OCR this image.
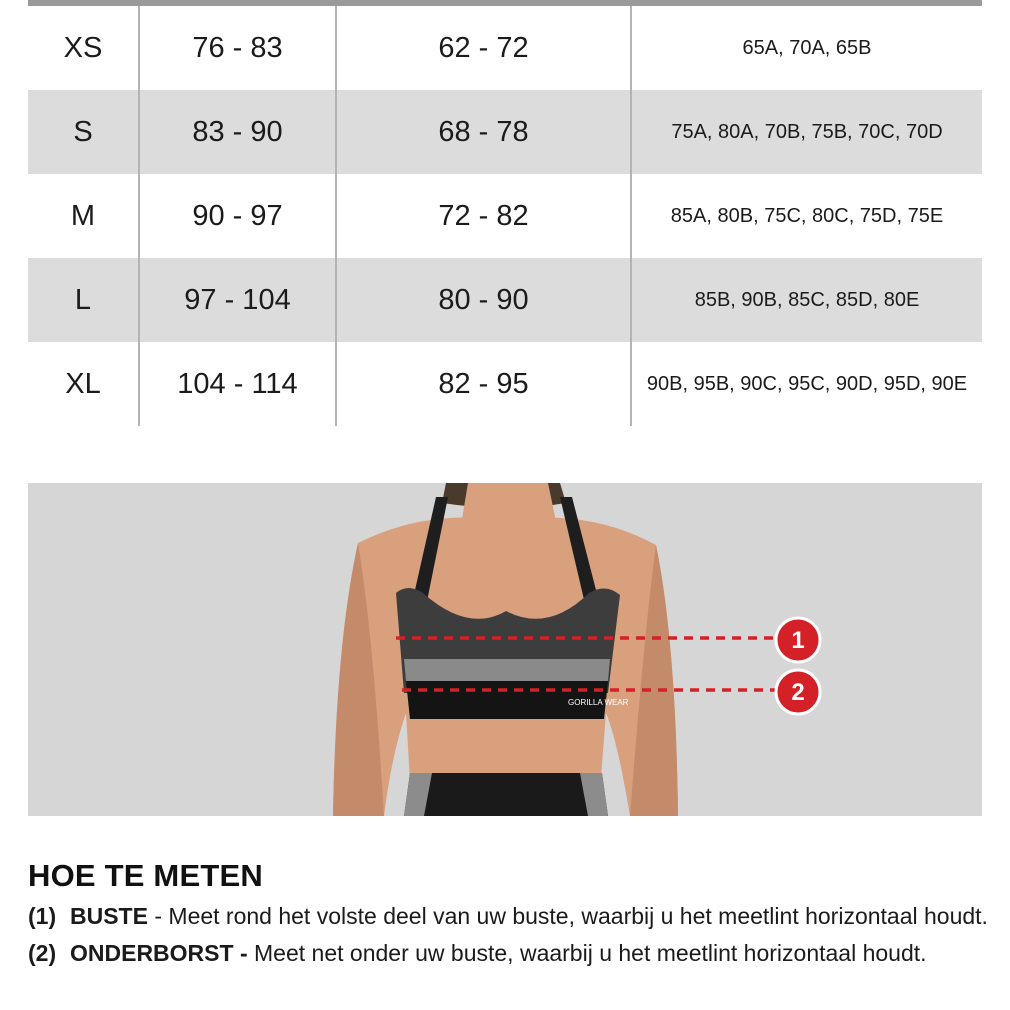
XS	76 - 83	62 - 72	65A, 70A, 65B
S	83 - 90	68 - 78	75A, 80A, 70B, 75B, 70C, 70D
M	90 - 97	72 - 82	85A, 80B, 75C, 80C, 75D, 75E
L	97 - 104	80 - 90	85B, 90B, 85C, 85D, 80E
XL	104 - 114	82 - 95	90B, 95B, 90C, 95C, 90D, 95D, 90E
GORILLA WEAR
1
2
HOE TE METEN
(1) BUSTE - Meet rond het volste deel van uw buste, waarbij u het meetlint horizontaal houdt.
(2) ONDERBORST - Meet net onder uw buste, waarbij u het meetlint horizontaal houdt.
